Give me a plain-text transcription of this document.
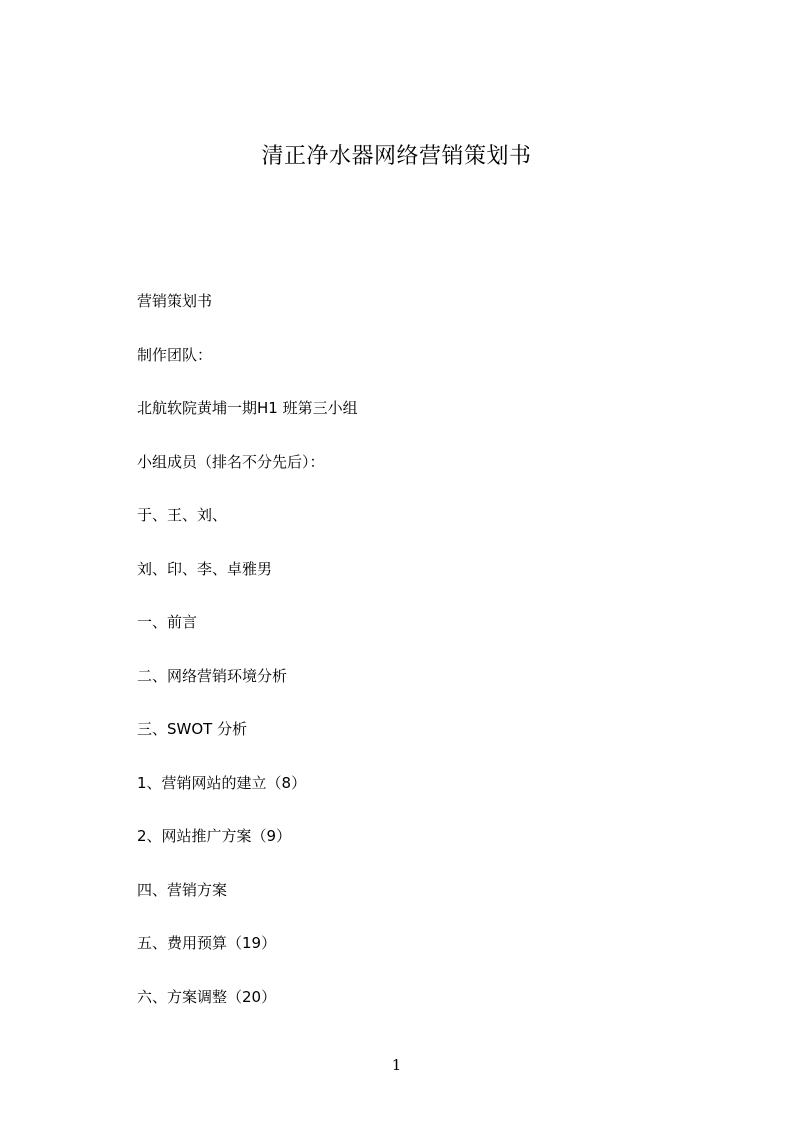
清正净水器网络营销策划书
营销策划书
制作团队：
北航软院黄埔一期H1 班第三小组
小组成员（排名不分先后）：
于、王、刘、
刘、印、李、卓雅男
一、前言
二、网络营销环境分析
三、SWOT 分析
1、营销网站的建立（8）
2、网站推广方案（9）
四、营销方案
五、费用预算（19）
六、方案调整（20）
1
